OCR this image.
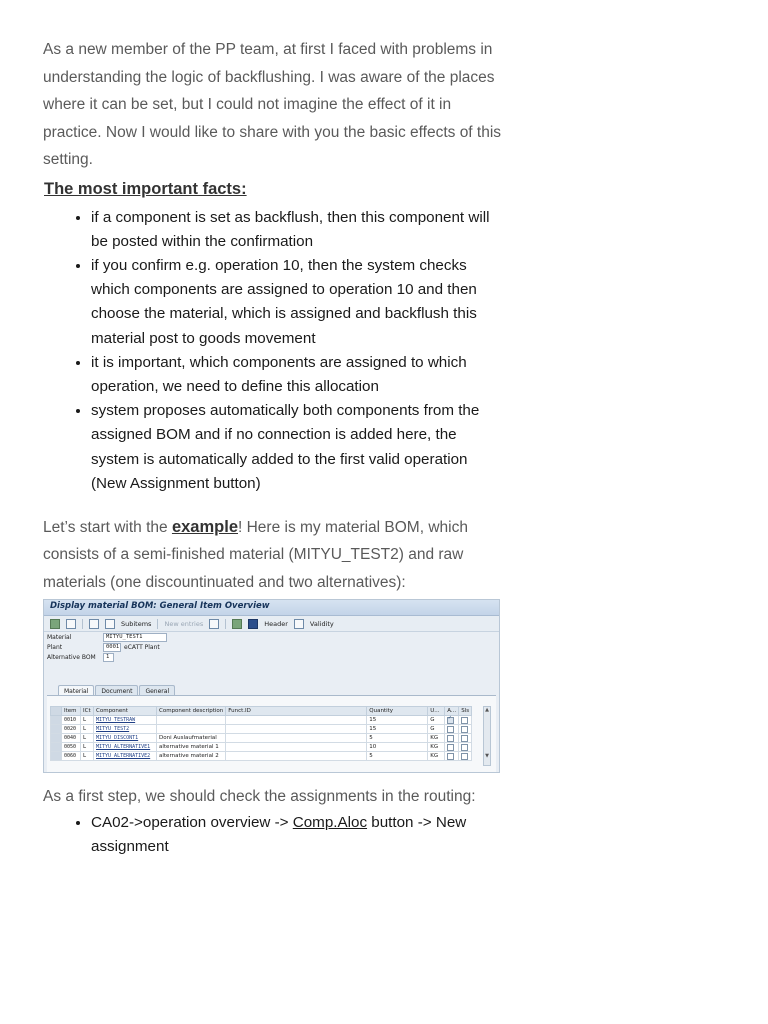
As a new member of the PP team, at first I faced with problems in understanding the logic of backflushing. I was aware of the places where it can be set, but I could not imagine the effect of it in practice. Now I would like to share with you the basic effects of this setting.

The most important facts:
• if a component is set as backflush, then this component will be posted within the confirmation
• if you confirm e.g. operation 10, then the system checks which components are assigned to operation 10 and then choose the material, which is assigned and backflush this material post to goods movement
• it is important, which components are assigned to which operation, we need to define this allocation
• system proposes automatically both components from the assigned BOM and if no connection is added here, the system is automatically added to the first valid operation (New Assignment button)

Let’s start with the example! Here is my material BOM, which consists of a semi-finished material (MITYU_TEST2) and raw materials (one discountinuated and two alternatives):

Display material BOM: General Item Overview
Subitems New entries	Header	Validity
Material	MITYU_TEST1
Plant	0001 eCATT Plant
Alternative BOM	1
Material	Document	General
	Item	ICt	Component	Component description	Funct.ID	Quantity	U...	A...	Sls
	0010	L	MITYU_TESTRAW			15	G	✓	
	0020	L	MITYU_TEST2			15	G		
	0040	L	MITYU_DISCONT1	Doni Auslaufmaterial		5	KG		
	0050	L	MITYU_ALTERNATIVE1	alternative material 1		10	KG		
	0060	L	MITYU_ALTERNATIVE2	alternative material 2		5	KG		
▲
▼

As a first step, we should check the assignments in the routing:

• CA02->operation overview -> Comp.Aloc button -> New assignment
